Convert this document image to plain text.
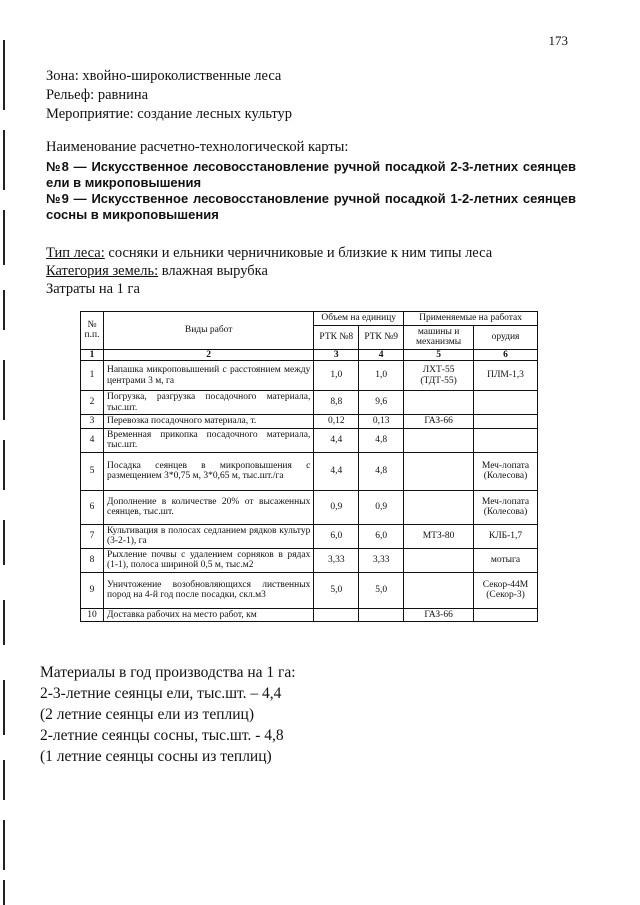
173
Зона: хвойно-широколиственные леса
Рельеф: равнина
Мероприятие: создание лесных культур
Наименование расчетно-технологической карты:
№8 — Искусственное лесовосстановление ручной посадкой 2-3-летних сеянцев ели в микроповышения
№9 — Искусственное лесовосстановление ручной посадкой 1-2-летних сеянцев сосны в микроповышения
Тип леса: сосняки и ельники черничниковые и близкие к ним типы леса
Категория земель: влажная вырубка
Затраты на 1 га
№ п.п.	Виды работ	Объем на единицу		Применяемые на работах	
		РТК №8	РТК №9	машины и механизмы	орудия
1	2	3	4	5	6
1	Напашка микроповышений с расстоянием между центрами 3 м, га	1,0	1,0	ЛХТ-55 (ТДТ-55)	ПЛМ-1,3
2	Погрузка, разгрузка посадочного материала, тыс.шт.	8,8	9,6		
3	Перевозка посадочного материала, т.	0,12	0,13	ГАЗ-66	
4	Временная прикопка посадочного материала, тыс.шт.	4,4	4,8		
5	Посадка сеянцев в микроповышения с размещением 3*0,75 м, 3*0,65 м, тыс.шт./га	4,4	4,8		Меч-лопата (Колесова)
6	Дополнение в количестве 20% от высаженных сеянцев, тыс.шт.	0,9	0,9		Меч-лопата (Колесова)
7	Культивация в полосах седланием рядков культур (3-2-1), га	6,0	6,0	МТЗ-80	КЛБ-1,7
8	Рыхление почвы с удалением сорняков в рядах (1-1), полоса шириной 0,5 м, тыс.м2	3,33	3,33		мотыга
9	Уничтожение возобновляющихся лиственных пород на 4-й год после посадки, скл.м3	5,0	5,0		Секор-44М (Секор-3)
10	Доставка рабочих на место работ, км			ГАЗ-66	
Материалы в год производства на 1 га:
2-3-летние сеянцы ели, тыс.шт. – 4,4
(2 летние сеянцы ели из теплиц)
2-летние сеянцы сосны, тыс.шт. - 4,8
(1 летние сеянцы сосны из теплиц)
